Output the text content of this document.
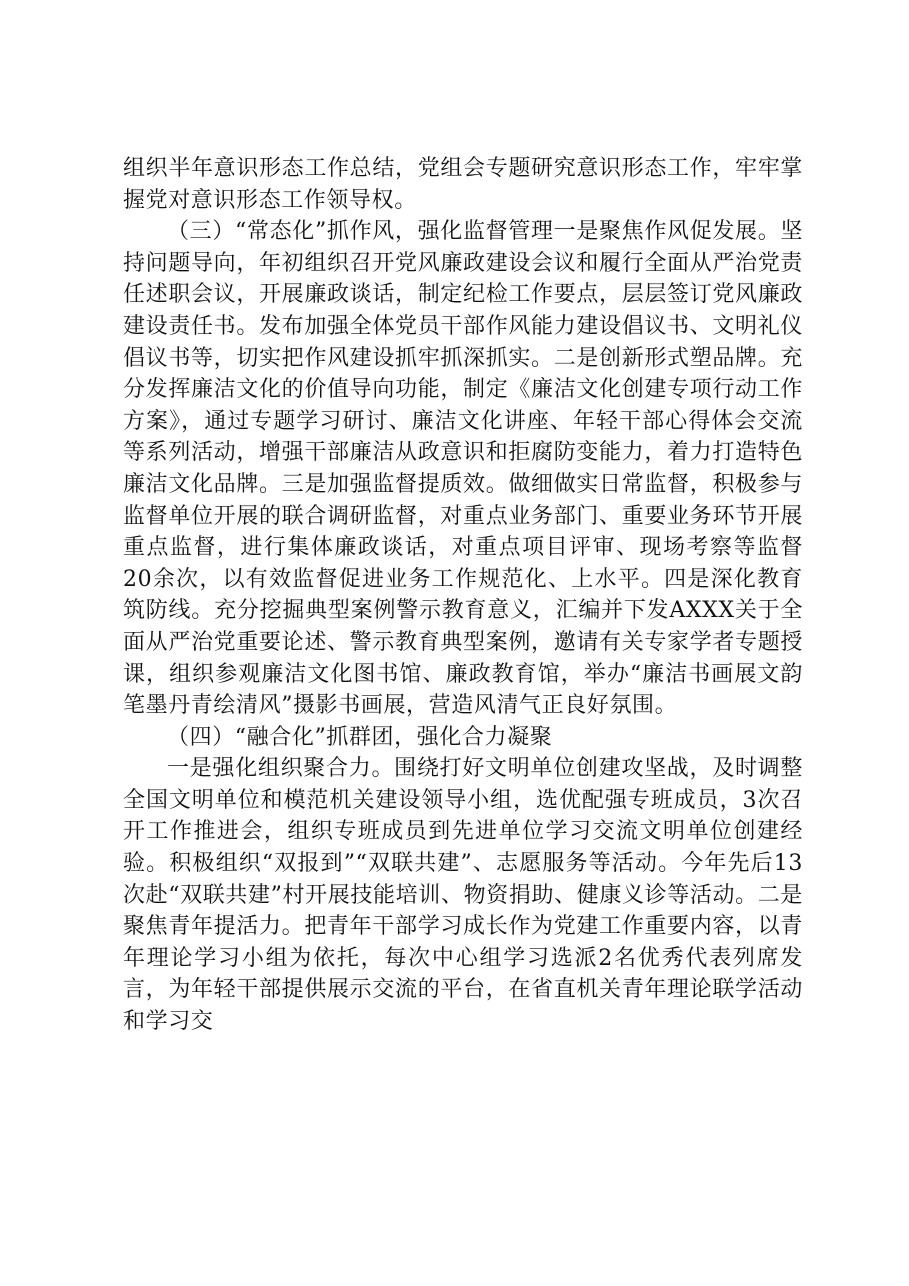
组织半年意识形态工作总结，党组会专题研究意识形态工作，牢牢掌握党对意识形态工作领导权。

（三）“常态化”抓作风，强化监督管理一是聚焦作风促发展。坚持问题导向，年初组织召开党风廉政建设会议和履行全面从严治党责任述职会议，开展廉政谈话，制定纪检工作要点，层层签订党风廉政建设责任书。发布加强全体党员干部作风能力建设倡议书、文明礼仪倡议书等，切实把作风建设抓牢抓深抓实。二是创新形式塑品牌。充分发挥廉洁文化的价值导向功能，制定《廉洁文化创建专项行动工作方案》，通过专题学习研讨、廉洁文化讲座、年轻干部心得体会交流等系列活动，增强干部廉洁从政意识和拒腐防变能力，着力打造特色廉洁文化品牌。三是加强监督提质效。做细做实日常监督，积极参与监督单位开展的联合调研监督，对重点业务部门、重要业务环节开展重点监督，进行集体廉政谈话，对重点项目评审、现场考察等监督20余次，以有效监督促进业务工作规范化、上水平。四是深化教育筑防线。充分挖掘典型案例警示教育意义，汇编并下发AXXX关于全面从严治党重要论述、警示教育典型案例，邀请有关专家学者专题授课，组织参观廉洁文化图书馆、廉政教育馆，举办“廉洁书画展文韵笔墨丹青绘清风”摄影书画展，营造风清气正良好氛围。

（四）“融合化”抓群团，强化合力凝聚

一是强化组织聚合力。围绕打好文明单位创建攻坚战，及时调整全国文明单位和模范机关建设领导小组，选优配强专班成员，3次召开工作推进会，组织专班成员到先进单位学习交流文明单位创建经验。积极组织“双报到”“双联共建”、志愿服务等活动。今年先后13次赴“双联共建”村开展技能培训、物资捐助、健康义诊等活动。二是聚焦青年提活力。把青年干部学习成长作为党建工作重要内容，以青年理论学习小组为依托，每次中心组学习选派2名优秀代表列席发言，为年轻干部提供展示交流的平台，在省直机关青年理论联学活动和学习交
